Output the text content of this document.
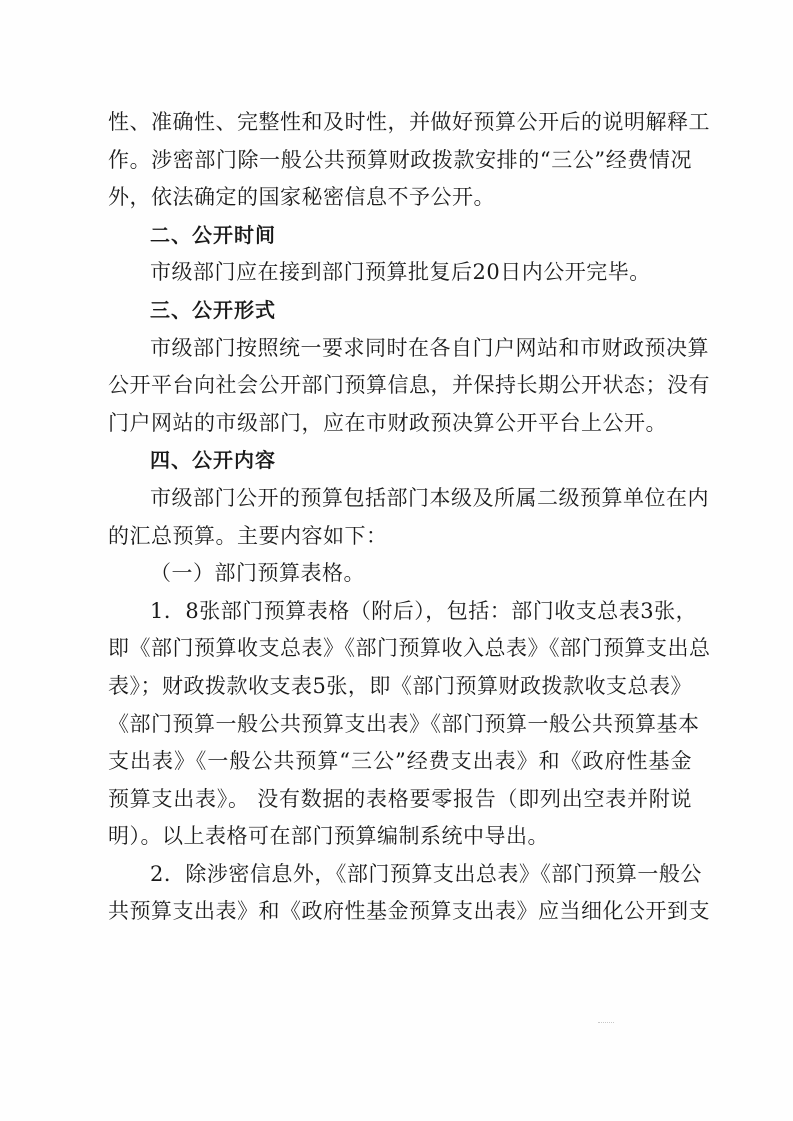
性、准确性、完整性和及时性，并做好预算公开后的说明解释工
作。涉密部门除一般公共预算财政拨款安排的“三公”经费情况
外，依法确定的国家秘密信息不予公开。
二、公开时间
市级部门应在接到部门预算批复后20日内公开完毕。
三、公开形式
市级部门按照统一要求同时在各自门户网站和市财政预决算
公开平台向社会公开部门预算信息，并保持长期公开状态；没有
门户网站的市级部门，应在市财政预决算公开平台上公开。
四、公开内容
市级部门公开的预算包括部门本级及所属二级预算单位在内
的汇总预算。主要内容如下：
（一）部门预算表格。
1．8张部门预算表格（附后），包括：部门收支总表3张，
即《部门预算收支总表》《部门预算收入总表》《部门预算支出总
表》；财政拨款收支表5张，即《部门预算财政拨款收支总表》
《部门预算一般公共预算支出表》《部门预算一般公共预算基本
支出表》《一般公共预算“三公”经费支出表》和《政府性基金
预算支出表》。 没有数据的表格要零报告（即列出空表并附说
明）。以上表格可在部门预算编制系统中导出。
2．除涉密信息外，《部门预算支出总表》《部门预算一般公
共预算支出表》和《政府性基金预算支出表》应当细化公开到支
